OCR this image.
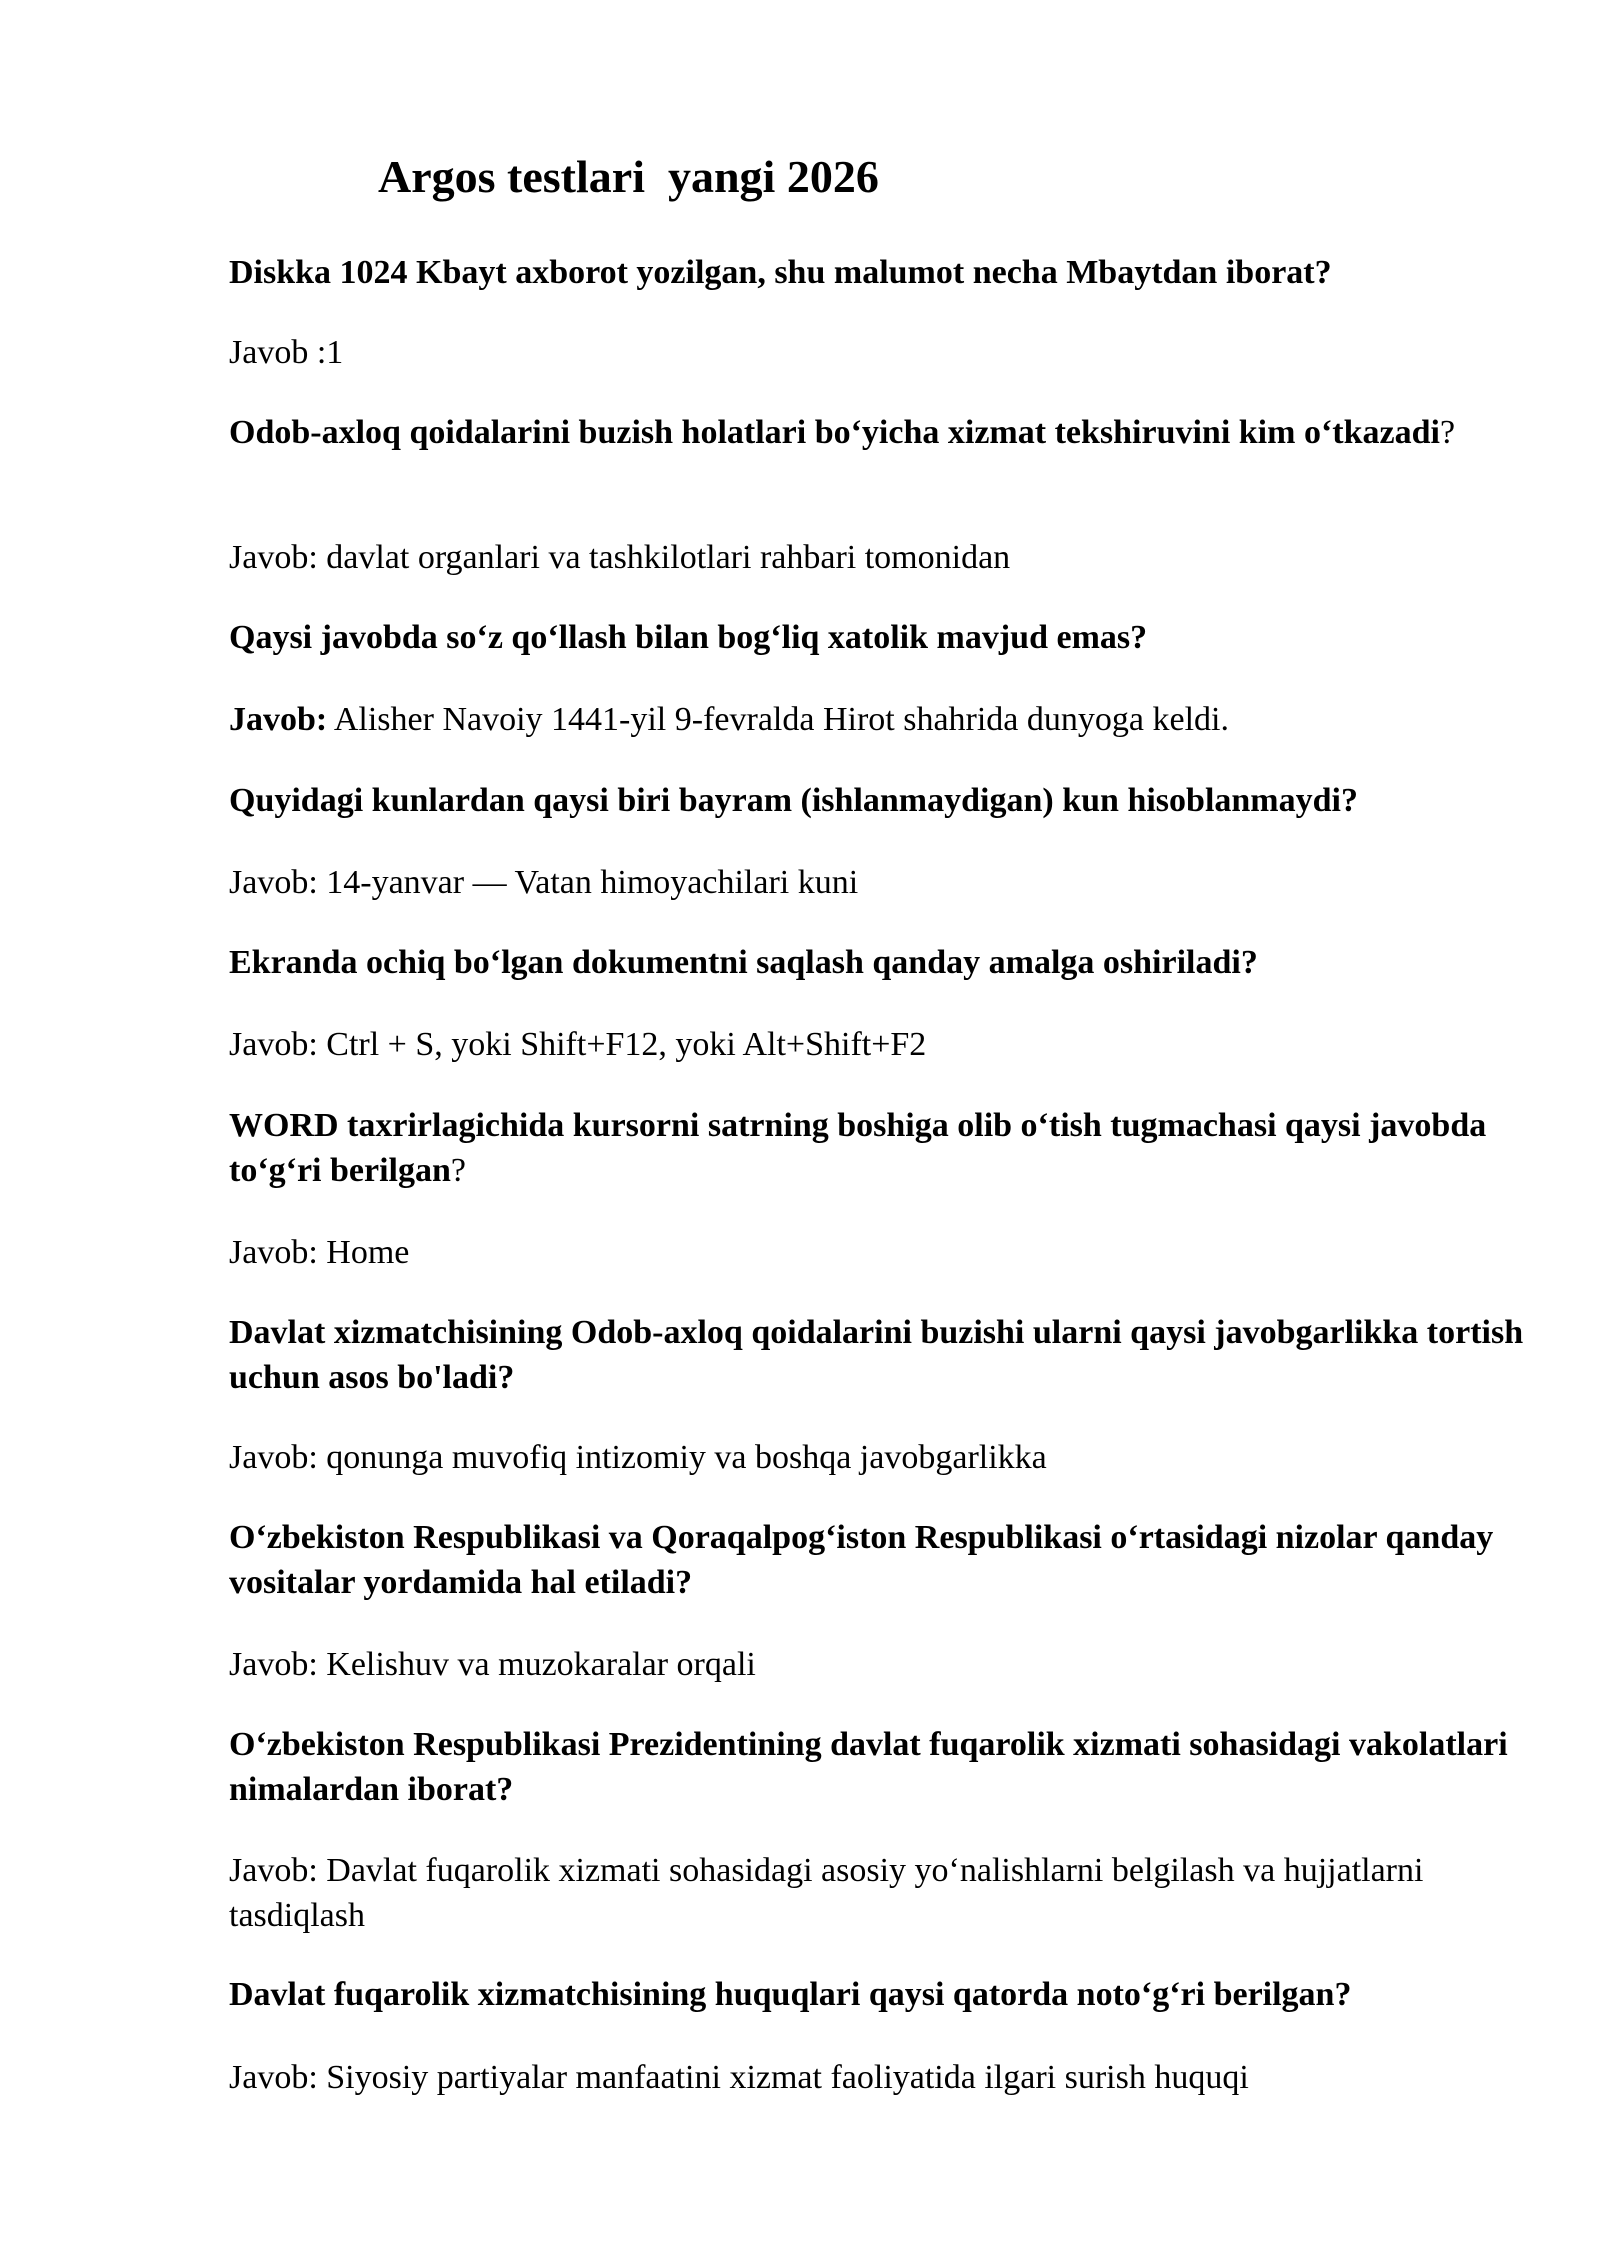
Argos testlari  yangi 2026

Diskka 1024 Kbayt axborot yozilgan, shu malumot necha Mbaytdan iborat?

Javob :1

Odob-axloq qoidalarini buzish holatlari bo‘yicha xizmat tekshiruvini kim o‘tkazadi?

Javob: davlat organlari va tashkilotlari rahbari tomonidan

Qaysi javobda so‘z qo‘llash bilan bog‘liq xatolik mavjud emas?

Javob: Alisher Navoiy 1441-yil 9-fevralda Hirot shahrida dunyoga keldi.

Quyidagi kunlardan qaysi biri bayram (ishlanmaydigan) kun hisoblanmaydi?

Javob: 14-yanvar — Vatan himoyachilari kuni

Ekranda ochiq bo‘lgan dokumentni saqlash qanday amalga oshiriladi?

Javob: Ctrl + S, yoki Shift+F12, yoki Alt+Shift+F2

WORD taxrirlagichida kursorni satrning boshiga olib o‘tish tugmachasi qaysi javobda to‘g‘ri berilgan?

Javob: Home

Davlat xizmatchisining Odob-axloq qoidalarini buzishi ularni qaysi javobgarlikka tortish uchun asos bo'ladi?

Javob: qonunga muvofiq intizomiy va boshqa javobgarlikka

O‘zbekiston Respublikasi va Qoraqalpog‘iston Respublikasi o‘rtasidagi nizolar qanday vositalar yordamida hal etiladi?

Javob: Kelishuv va muzokaralar orqali

O‘zbekiston Respublikasi Prezidentining davlat fuqarolik xizmati sohasidagi vakolatlari nimalardan iborat?

Javob: Davlat fuqarolik xizmati sohasidagi asosiy yo‘nalishlarni belgilash va hujjatlarni tasdiqlash

Davlat fuqarolik xizmatchisining huquqlari qaysi qatorda noto‘g‘ri berilgan?

Javob: Siyosiy partiyalar manfaatini xizmat faoliyatida ilgari surish huquqi
